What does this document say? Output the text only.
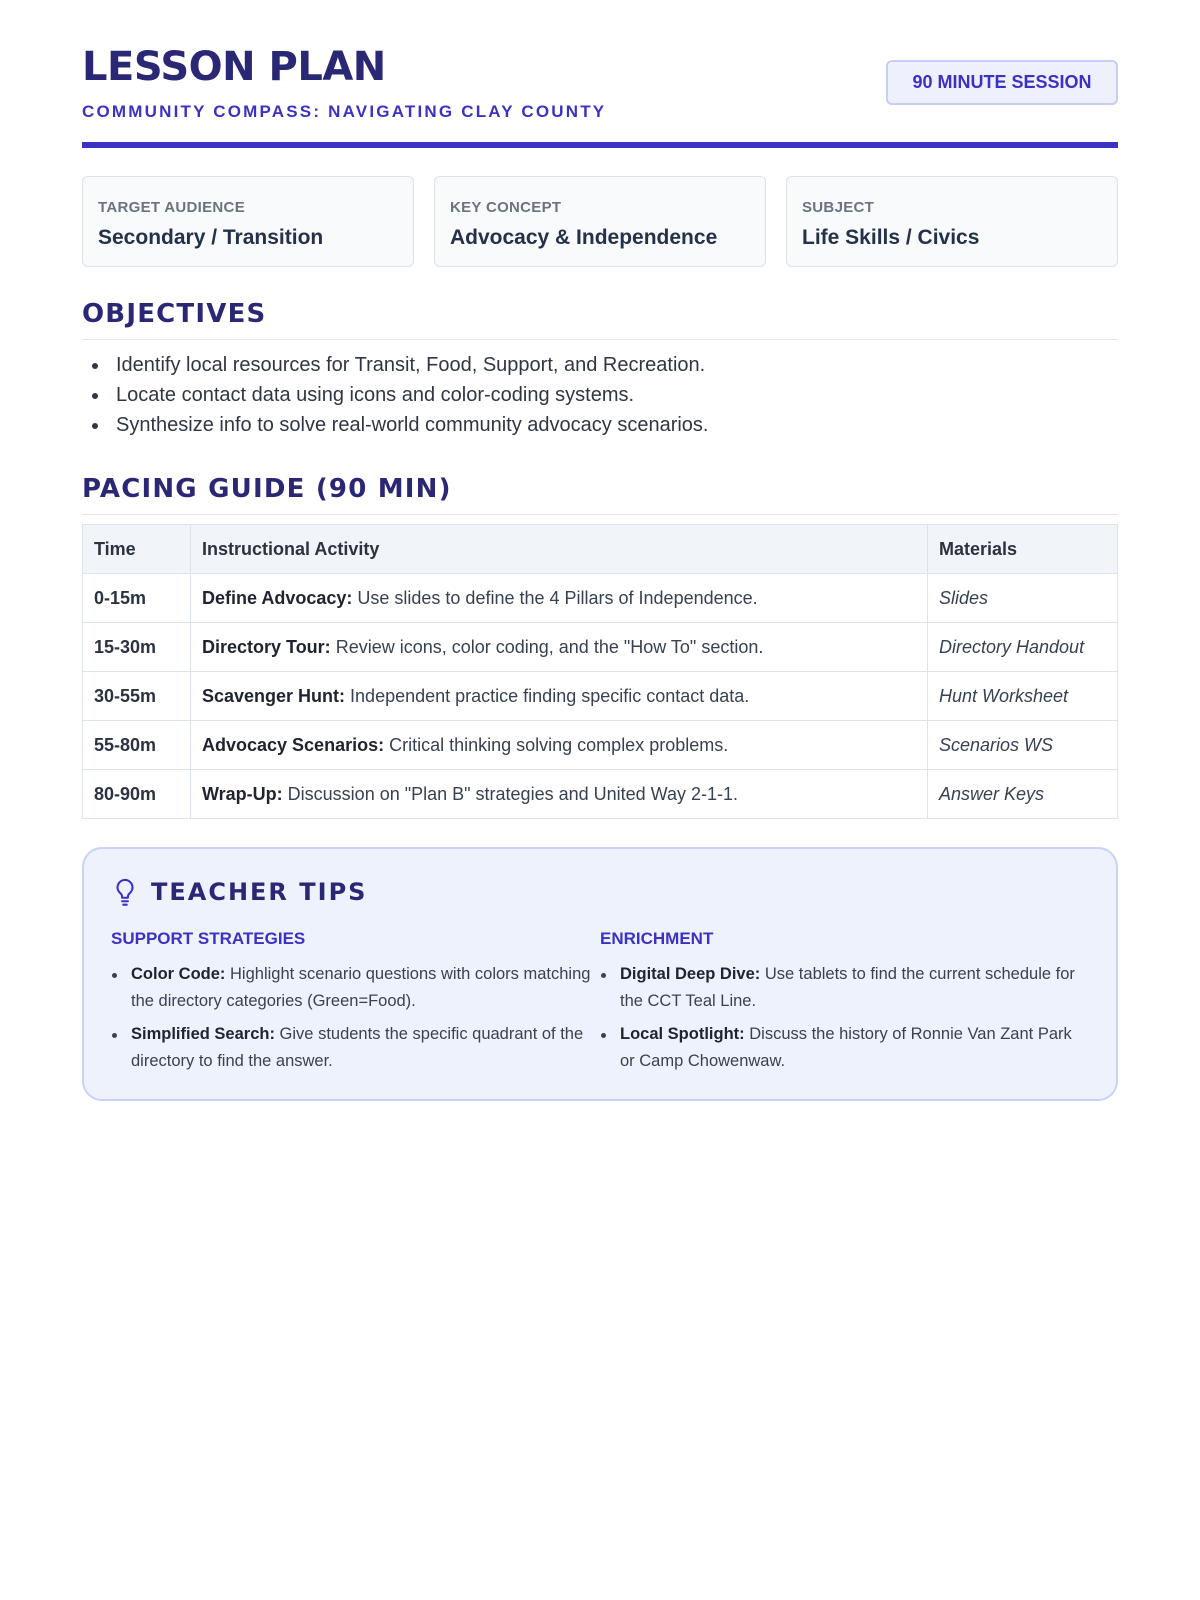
LESSON PLAN
COMMUNITY COMPASS: NAVIGATING CLAY COUNTY
90 MINUTE SESSION
TARGET AUDIENCE
Secondary / Transition
KEY CONCEPT
Advocacy & Independence
SUBJECT
Life Skills / Civics
OBJECTIVES
Identify local resources for Transit, Food, Support, and Recreation.
Locate contact data using icons and color-coding systems.
Synthesize info to solve real-world community advocacy scenarios.
PACING GUIDE (90 MIN)
Time	Instructional Activity	Materials
0-15m	Define Advocacy: Use slides to define the 4 Pillars of Independence.	Slides
15-30m	Directory Tour: Review icons, color coding, and the "How To" section.	Directory Handout
30-55m	Scavenger Hunt: Independent practice finding specific contact data.	Hunt Worksheet
55-80m	Advocacy Scenarios: Critical thinking solving complex problems.	Scenarios WS
80-90m	Wrap-Up: Discussion on "Plan B" strategies and United Way 2-1-1.	Answer Keys
TEACHER TIPS
SUPPORT STRATEGIES
Color Code: Highlight scenario questions with colors matching the directory categories (Green=Food).
Simplified Search: Give students the specific quadrant of the directory to find the answer.
ENRICHMENT
Digital Deep Dive: Use tablets to find the current schedule for the CCT Teal Line.
Local Spotlight: Discuss the history of Ronnie Van Zant Park or Camp Chowenwaw.
